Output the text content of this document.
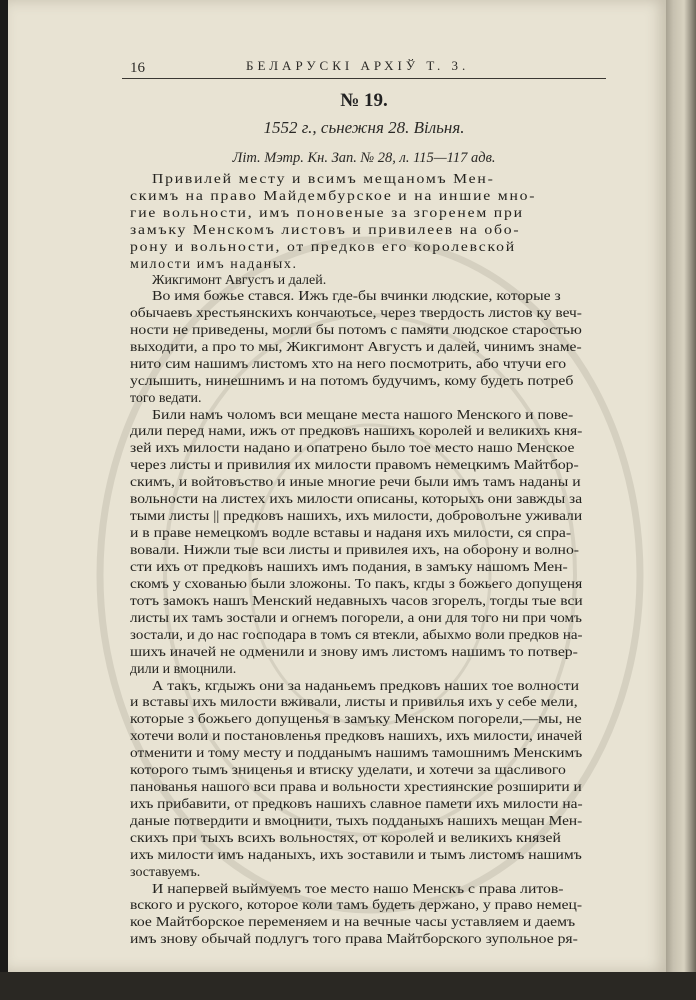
16	БЕЛАРУСКІ АРХІЎ Т. 3.
№ 19.
1552 г., сьнежня 28. Вільня.
Літ. Мэтр. Кн. Зап. № 28, л. 115—117 адв.
Привилей месту и всимъ мещаномъ Мен-
скимъ на право Майдембурское и на иншие мно-
гие вольности, имъ поновеные за згоренем при
замъку Менскомъ листовъ и привилеев на обо-
рону и вольности, от предков его королевской
милости имъ наданых.
Жикгимонт Августъ и далей.
Во имя божье стався. Ижъ где-бы вчинки людские, которые з
обычаевъ хрестьянскихъ кончаютьсе, через твердость листов ку веч-
ности не приведены, могли бы потомъ с памяти людское старостью
выходити, а про то мы, Жикгимонт Августъ и далей, чинимъ знаме-
нито сим нашимъ листомъ хто на него посмотрить, або чтучи его
услышить, нинешнимъ и на потомъ будучимъ, кому будеть потреб
того ведати.
Били намъ чоломъ вси мещане места нашого Менского и пове-
дили перед нами, ижъ от предковъ нашихъ королей и великихъ кня-
зей ихъ милости надано и опатрено было тое место нашо Менское
через листы и привилия их милости правомъ немецкимъ Майтбор-
скимъ, и войтовъство и иные многие речи были имъ тамъ наданы и
вольности на листех ихъ милости описаны, которыхъ они завжды за
тыми листы || предковъ нашихъ, ихъ милости, доброволъне уживали
и в праве немецкомъ водле вставы и наданя ихъ милости, ся спра-
вовали. Нижли тые вси листы и привилея ихъ, на оборону и волно-
сти ихъ от предковъ нашихъ имъ подания, в замъку нашомъ Мен-
скомъ у схованью были зложоны. То пакъ, кгды з божьего допущеня
тотъ замокъ нашъ Менский недавныхъ часов згорелъ, тогды тые вси
листы их тамъ зостали и огнемъ погорели, а они для того ни при чомъ
зостали, и до нас господара в томъ ся втекли, абыхмо воли предков на-
шихъ иначей не одменили и знову имъ листомъ нашимъ то потвер-
дили и вмоцнили.
А такъ, кгдыжъ они за наданьемъ предковъ наших тое волности
и вставы ихъ милости вживали, листы и привилья ихъ у себе мели,
которые з божьего допущенья в замъку Менском погорели,—мы, не
хотечи воли и постановленья предковъ нашихъ, ихъ милости, иначей
отменити и тому месту и подданымъ нашимъ тамошнимъ Менскимъ
которого тымъ зниценья и втиску уделати, и хотечи за щасливого
панованья нашого вси права и вольности хрестиянские розширити и
ихъ прибавити, от предковъ нашихъ славное памети ихъ милости на-
даные потвердити и вмоцнити, тыхъ подданыхъ нашихъ мещан Мен-
скихъ при тыхъ всихъ вольностях, от королей и великихъ князей
ихъ милости имъ наданыхъ, ихъ зоставили и тымъ листомъ нашимъ
зоставуемъ.
И напервей выймуемъ тое место нашо Менскъ с права литов-
вского и руского, которое коли тамъ будеть держано, у право немец-
кое Майтборское переменяем и на вечные часы уставляем и даемъ
имъ знову обычай подлугъ того права Майтборского зупольное ря-
